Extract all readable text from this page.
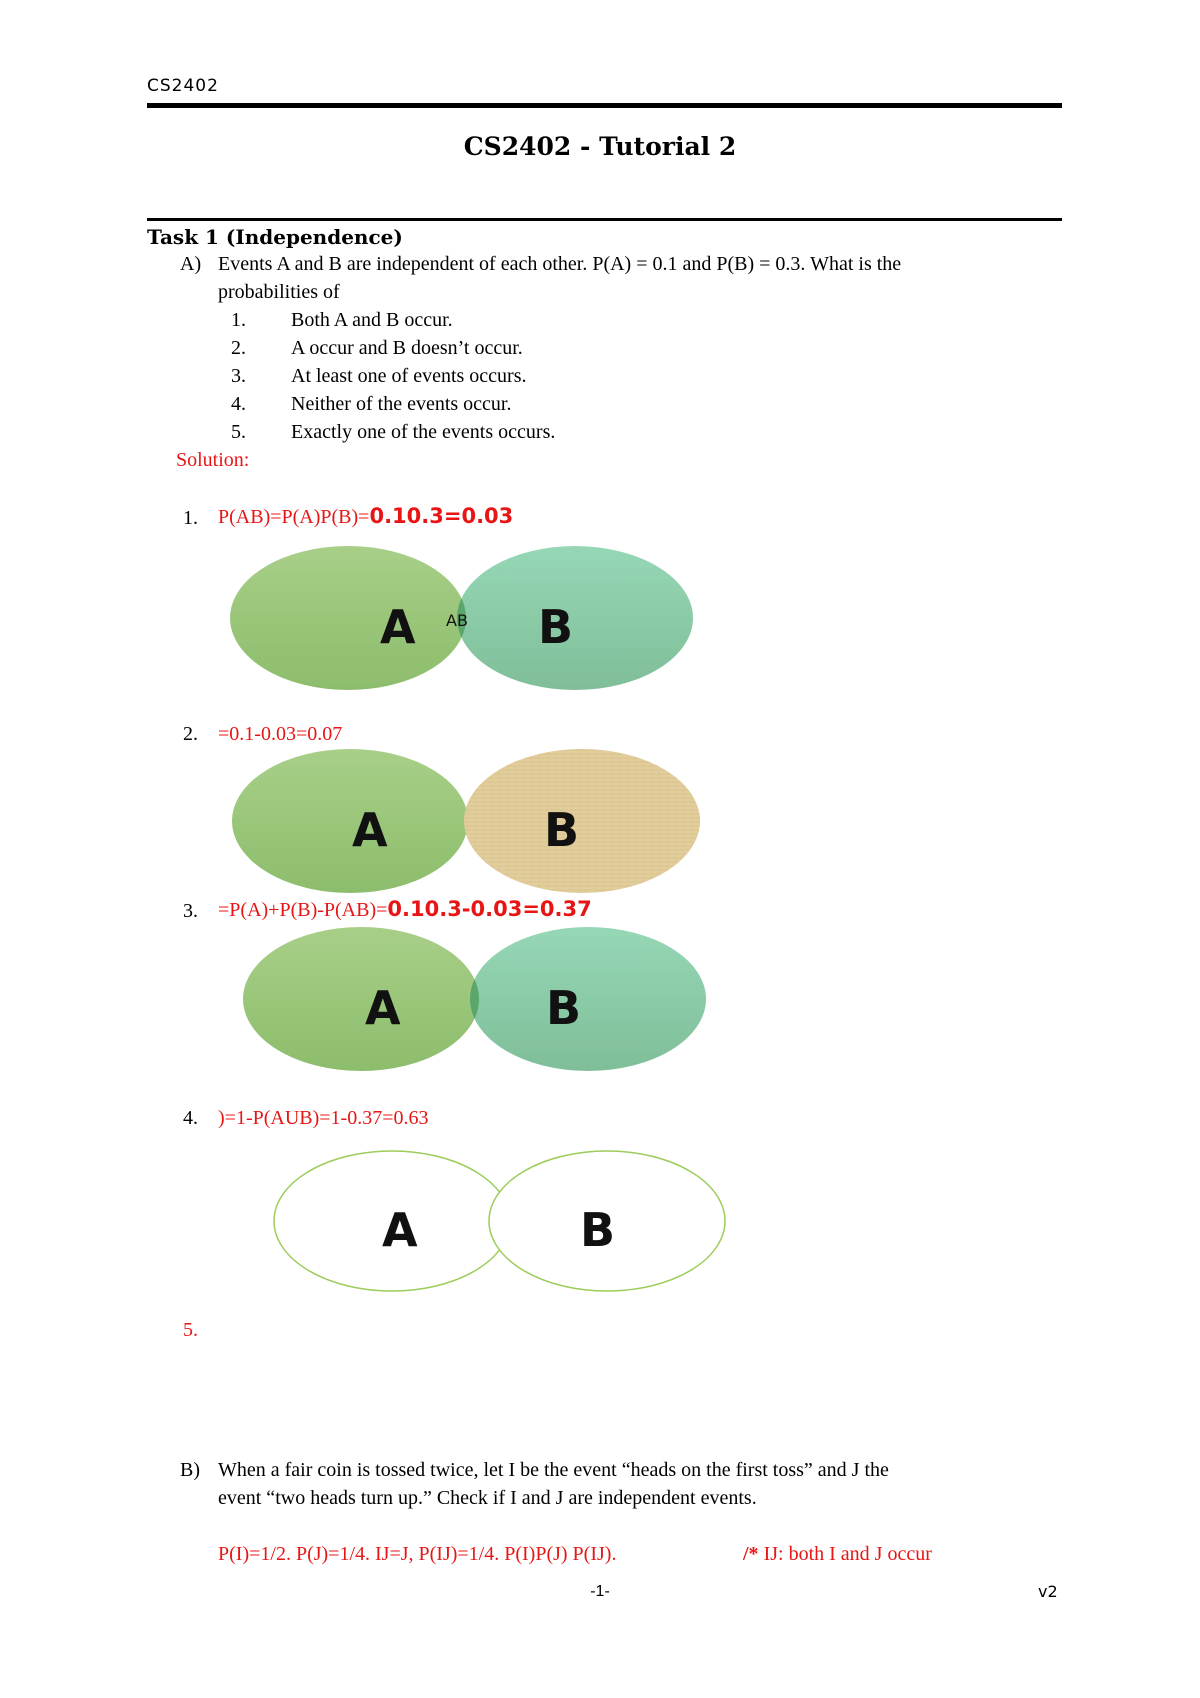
CS2402
CS2402 - Tutorial 2
Task 1 (Independence)
A) Events A and B are independent of each other. P(A) = 0.1 and P(B) = 0.3. What is the
probabilities of
1. Both A and B occur.
2. A occur and B doesn’t occur.
3. At least one of events occurs.
4. Neither of the events occur.
5. Exactly one of the events occurs.
Solution:
1. P(AB)=P(A)P(B)=0.10.3=0.03
A AB B
2. =0.1-0.03=0.07
A	B
3. =P(A)+P(B)-P(AB)=0.10.3-0.03=0.37
A	B
4. )=1-P(AUB)=1-0.37=0.63
A	B
5.
B) When a fair coin is tossed twice, let I be the event “heads on the first toss” and J the
event “two heads turn up.” Check if I and J are independent events.
P(I)=1/2. P(J)=1/4. IJ=J, P(IJ)=1/4. P(I)P(J) P(IJ).	/* IJ: both I and J occur
-1-	v2
